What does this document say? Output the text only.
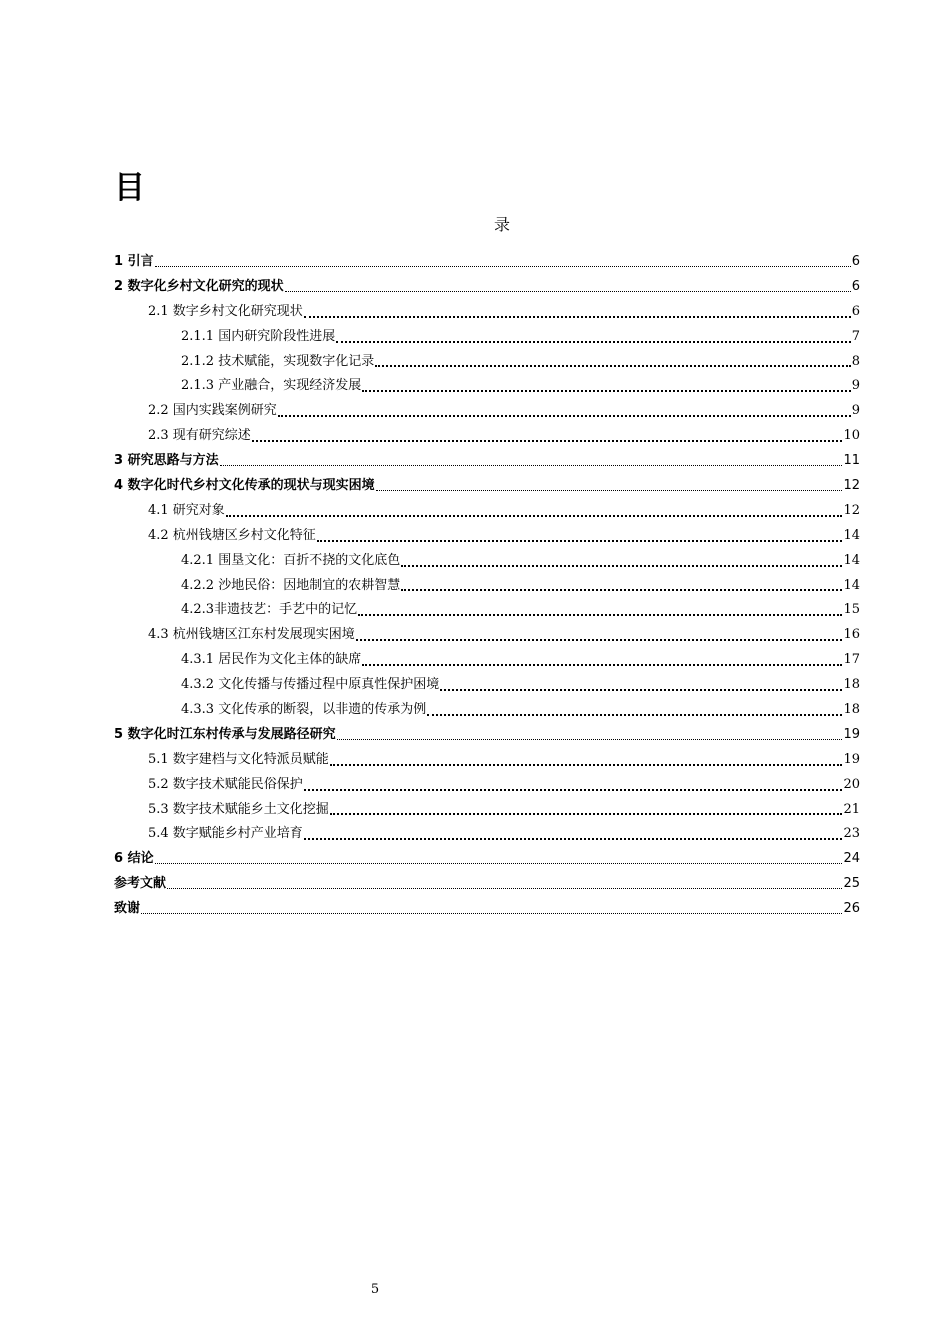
目
录
1 引言	6
2 数字化乡村文化研究的现状	6
2.1 数字乡村文化研究现状	6
2.1.1 国内研究阶段性进展	7
2.1.2 技术赋能，实现数字化记录	8
2.1.3 产业融合，实现经济发展	9
2.2 国内实践案例研究	9
2.3 现有研究综述	10
3 研究思路与方法	11
4 数字化时代乡村文化传承的现状与现实困境	12
4.1 研究对象	12
4.2 杭州钱塘区乡村文化特征	14
4.2.1 围垦文化：百折不挠的文化底色	14
4.2.2 沙地民俗：因地制宜的农耕智慧	14
4.2.3非遗技艺：手艺中的记忆	15
4.3 杭州钱塘区江东村发展现实困境	16
4.3.1 居民作为文化主体的缺席	17
4.3.2 文化传播与传播过程中原真性保护困境	18
4.3.3 文化传承的断裂，以非遗的传承为例	18
5 数字化时江东村传承与发展路径研究	19
5.1 数字建档与文化特派员赋能	19
5.2 数字技术赋能民俗保护	20
5.3 数字技术赋能乡土文化挖掘	21
5.4 数字赋能乡村产业培育	23
6 结论	24
参考文献	25
致谢	26
5
